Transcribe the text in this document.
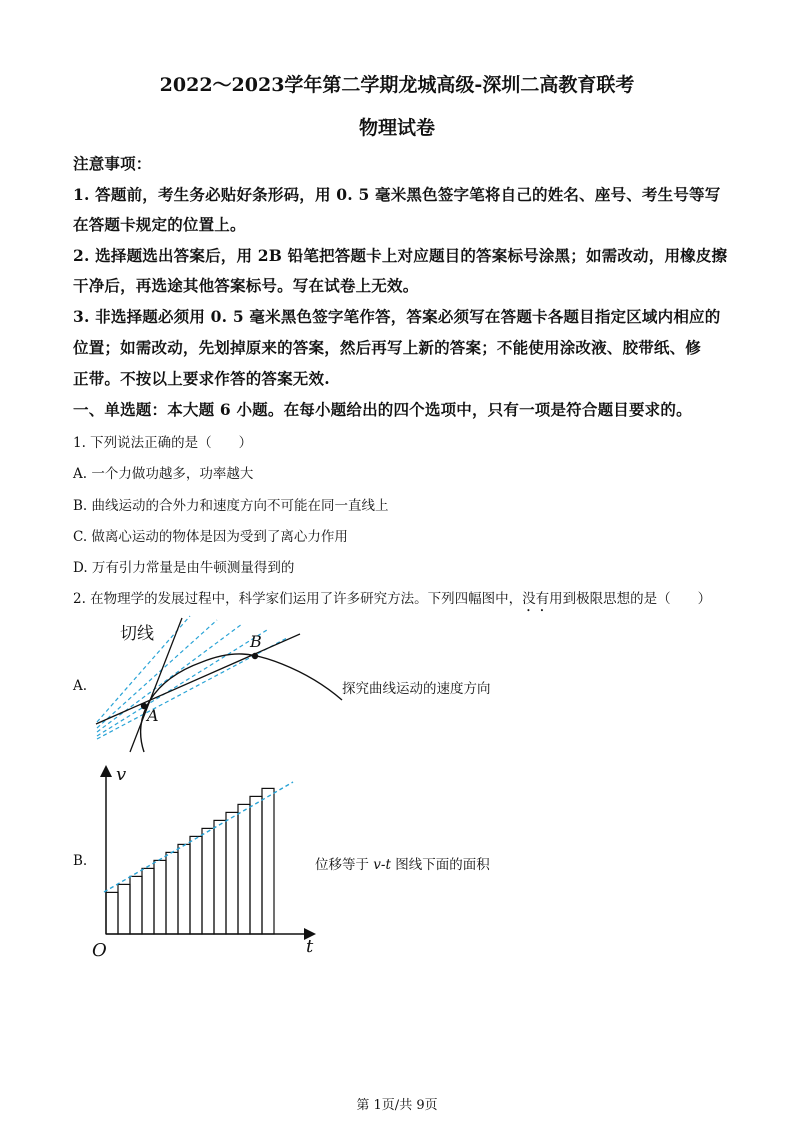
2022～2023学年第二学期龙城高级-深圳二高教育联考
物理试卷
注意事项：
1. 答题前，考生务必贴好条形码，用 0. 5 毫米黑色签字笔将自己的姓名、座号、考生号等写
在答题卡规定的位置上。
2. 选择题选出答案后，用 2B 铅笔把答题卡上对应题目的答案标号涂黑；如需改动，用橡皮擦
干净后，再选途其他答案标号。写在试卷上无效。
3. 非选择题必须用 0. 5 毫米黑色签字笔作答，答案必须写在答题卡各题目指定区域内相应的
位置；如需改动，先划掉原来的答案，然后再写上新的答案；不能使用涂改液、胶带纸、修
正带。不按以上要求作答的答案无效.
一、单选题：本大题 6 小题。在每小题给出的四个选项中，只有一项是符合题目要求的。
1. 下列说法正确的是（　　）
A. 一个力做功越多，功率越大
B. 曲线运动的合外力和速度方向不可能在同一直线上
C. 做离心运动的物体是因为受到了离心力作用
D. 万有引力常量是由牛顿测量得到的
2. 在物理学的发展过程中，科学家们运用了许多研究方法。下列四幅图中，没有用到极限思想的是（　　）
A.
切线
A
B
探究曲线运动的速度方向
B.
v
t
O
位移等于 v-t 图线下面的面积
第 1页/共 9页
